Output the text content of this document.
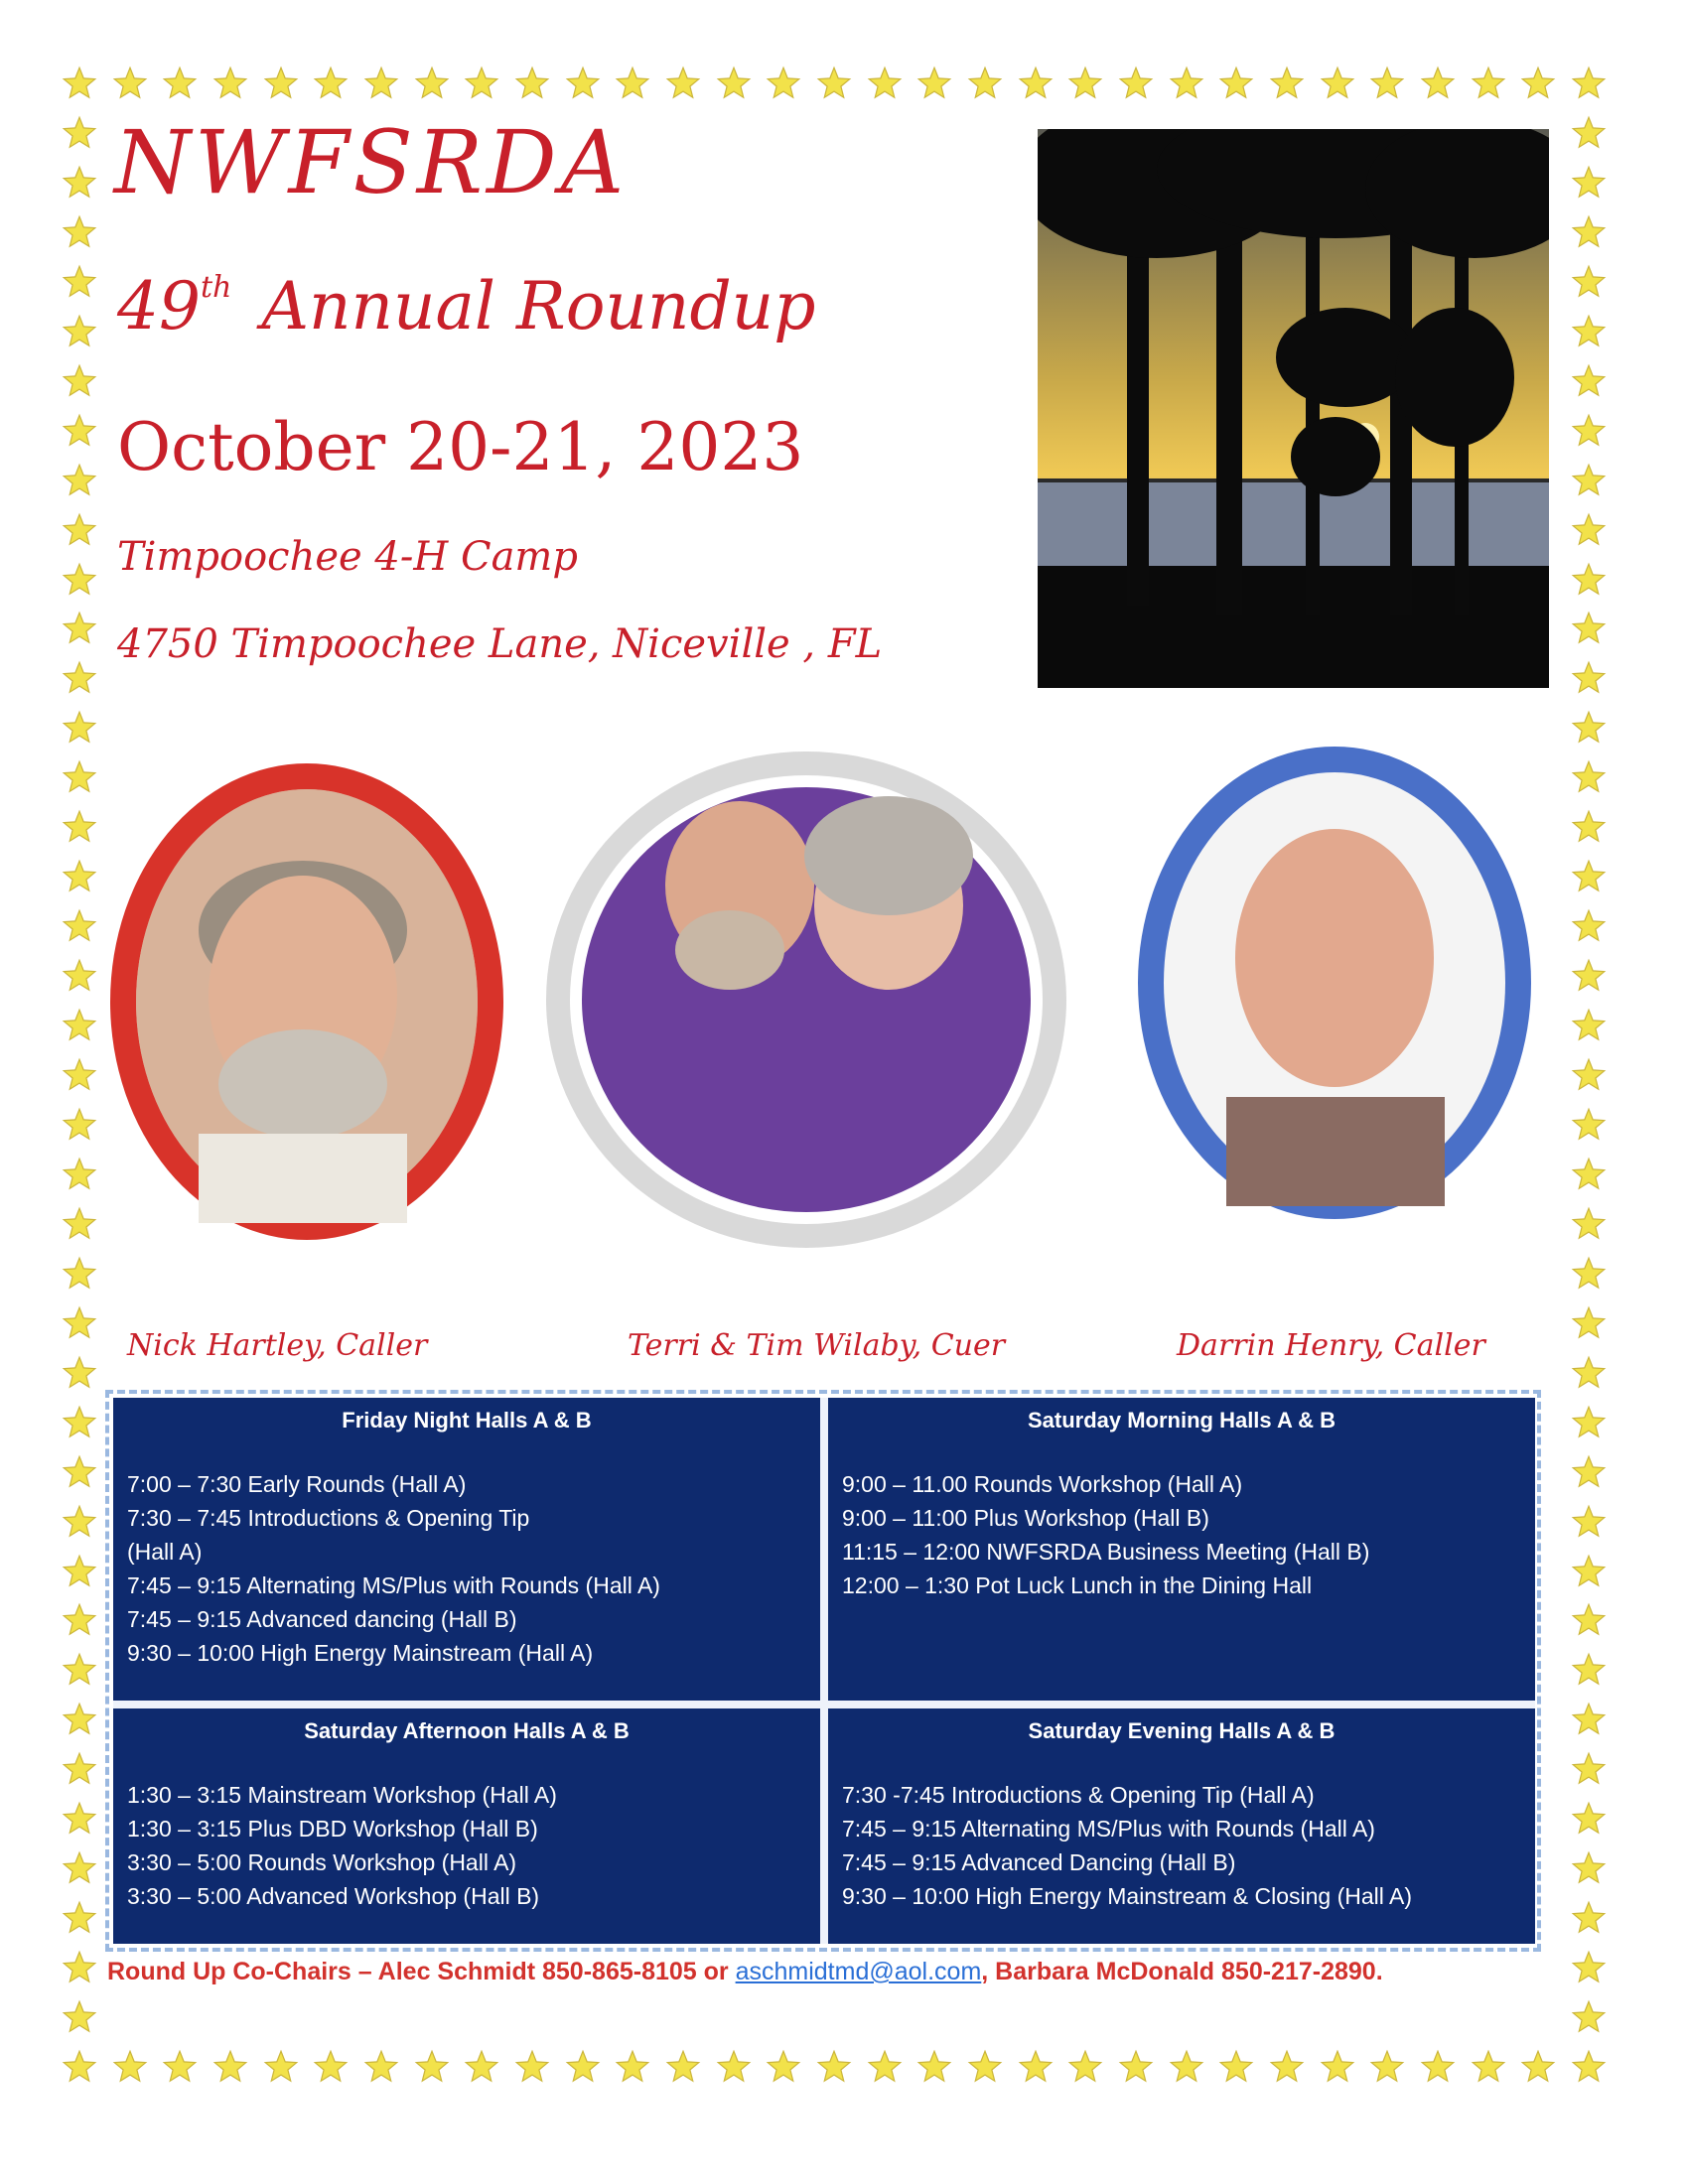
NWFSRDA
49th Annual Roundup
October 20-21, 2023
Timpoochee 4-H Camp
4750 Timpoochee Lane, Niceville , FL
Nick Hartley, Caller	Terri & Tim Wilaby, Cuer	Darrin Henry, Caller

Friday Night Halls A & B

7:00 – 7:30 Early Rounds (Hall A)

7:30 – 7:45 Introductions & Opening Tip

(Hall A)

7:45 – 9:15 Alternating MS/Plus with Rounds (Hall A)

7:45 – 9:15 Advanced dancing (Hall B)

9:30 – 10:00 High Energy Mainstream (Hall A)

Saturday Morning Halls A & B

9:00 – 11.00 Rounds Workshop (Hall A)

9:00 – 11:00 Plus Workshop (Hall B)

11:15 – 12:00 NWFSRDA Business Meeting (Hall B)

12:00 – 1:30 Pot Luck Lunch in the Dining Hall

Saturday Afternoon Halls A & B

1:30 – 3:15 Mainstream Workshop (Hall A)

1:30 – 3:15 Plus DBD Workshop (Hall B)

3:30 – 5:00 Rounds Workshop (Hall A)

3:30 – 5:00 Advanced Workshop (Hall B)

Saturday Evening Halls A & B

7:30 -7:45 Introductions & Opening Tip (Hall A)

7:45 – 9:15 Alternating MS/Plus with Rounds (Hall A)

7:45 – 9:15 Advanced Dancing (Hall B)

9:30 – 10:00 High Energy Mainstream & Closing (Hall A)

Round Up Co-Chairs – Alec Schmidt 850-865-8105 or aschmidtmd@aol.com, Barbara McDonald 850-217-2890.
